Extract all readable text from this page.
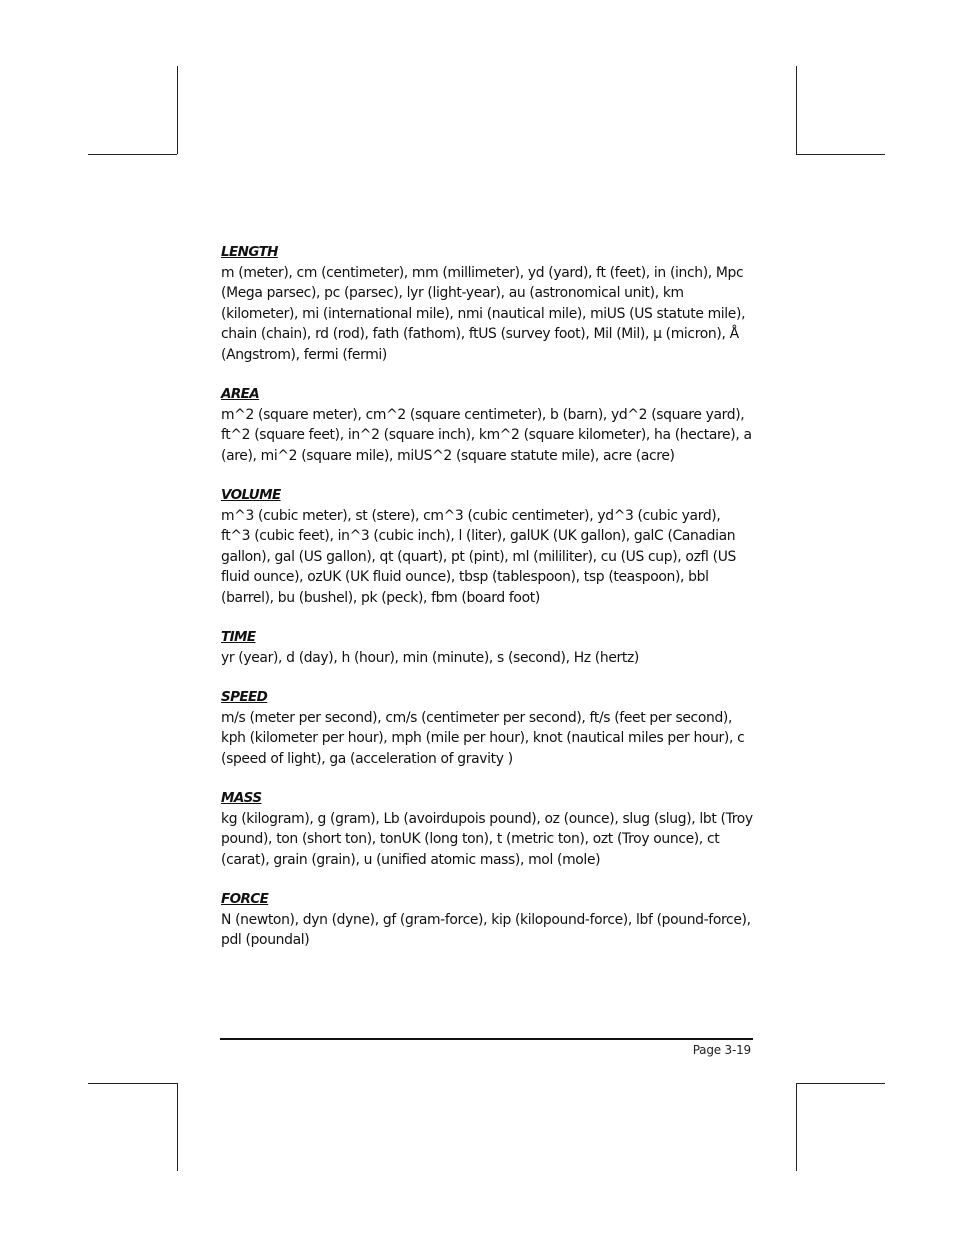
LENGTH

m (meter), cm (centimeter), mm (millimeter), yd (yard), ft (feet), in (inch), Mpc (Mega parsec), pc (parsec), lyr (light-year), au (astronomical unit), km (kilometer), mi (international mile), nmi (nautical mile), miUS (US statute mile), chain (chain), rd (rod), fath (fathom), ftUS (survey foot), Mil (Mil), μ (micron), Å (Angstrom), fermi (fermi)

AREA

m^2 (square meter), cm^2 (square centimeter), b (barn), yd^2 (square yard), ft^2 (square feet), in^2 (square inch), km^2 (square kilometer), ha (hectare), a (are), mi^2 (square mile), miUS^2 (square statute mile), acre (acre)

VOLUME

m^3 (cubic meter), st (stere), cm^3 (cubic centimeter), yd^3 (cubic yard), ft^3 (cubic feet), in^3 (cubic inch), l (liter), galUK (UK gallon), galC (Canadian gallon), gal (US gallon), qt (quart), pt (pint), ml (mililiter), cu (US cup), ozfl (US fluid ounce), ozUK (UK fluid ounce), tbsp (tablespoon), tsp (teaspoon), bbl (barrel), bu (bushel), pk (peck), fbm (board foot)

TIME

yr (year), d (day), h (hour), min (minute), s (second), Hz (hertz)

SPEED

m/s (meter per second), cm/s (centimeter per second), ft/s (feet per second), kph (kilometer per hour), mph (mile per hour), knot (nautical miles per hour), c (speed of light), ga (acceleration of gravity )

MASS

kg (kilogram), g (gram), Lb (avoirdupois pound), oz (ounce), slug (slug), lbt (Troy pound), ton (short ton), tonUK (long ton), t (metric ton), ozt (Troy ounce), ct (carat), grain (grain), u (unified atomic mass), mol (mole)

FORCE

N (newton), dyn (dyne), gf (gram-force), kip (kilopound-force), lbf (pound-force), pdl (poundal)

Page 3-19
